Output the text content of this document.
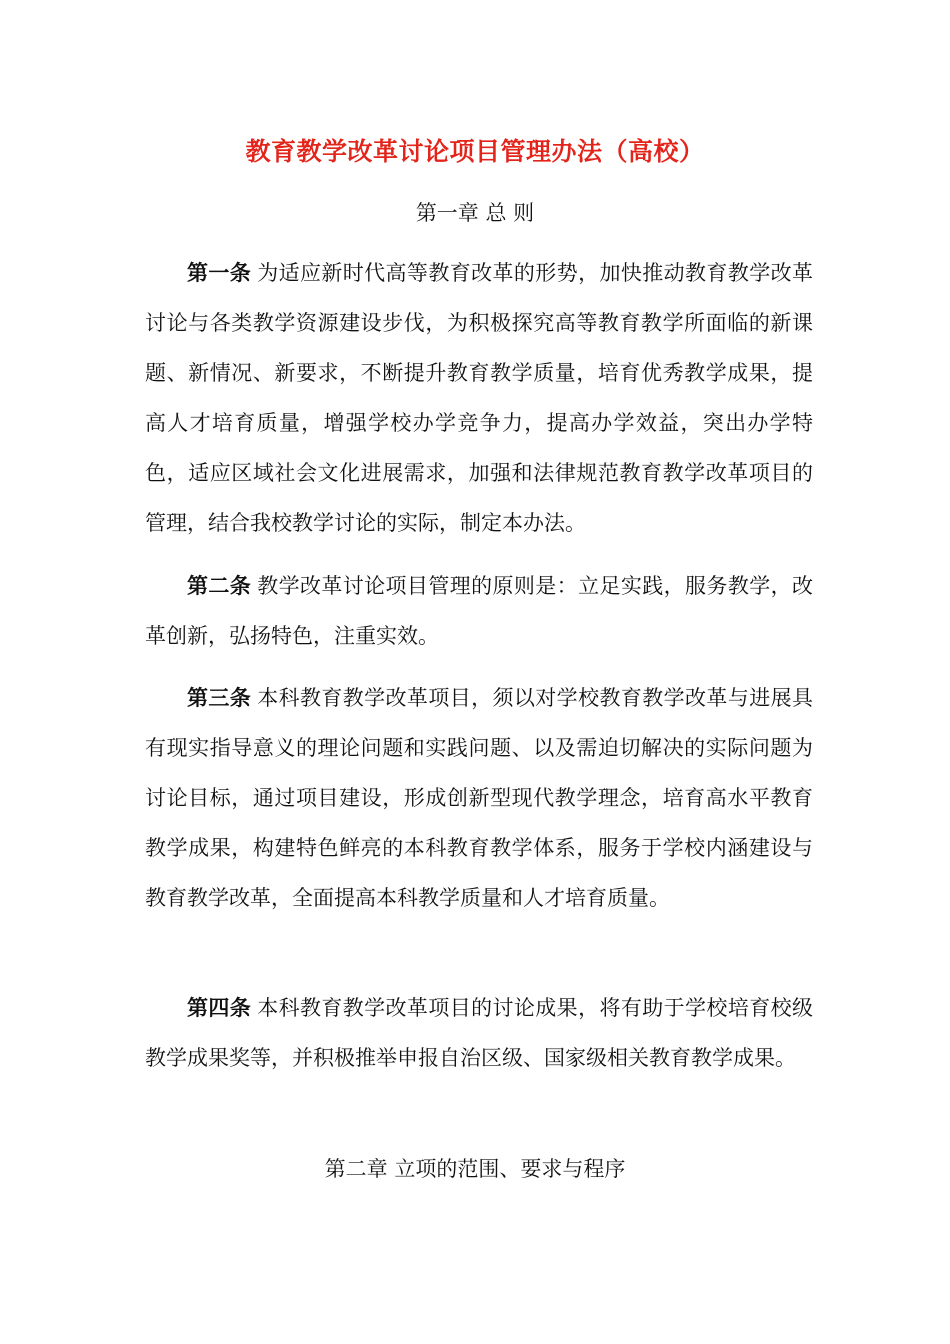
教育教学改革讨论项目管理办法（高校）
第一章 总 则

第一条 为适应新时代高等教育改革的形势，加快推动教育教学改革讨论与各类教学资源建设步伐，为积极探究高等教育教学所面临的新课题、新情况、新要求，不断提升教育教学质量，培育优秀教学成果，提高人才培育质量，增强学校办学竞争力，提高办学效益，突出办学特色，适应区域社会文化进展需求，加强和法律规范教育教学改革项目的管理，结合我校教学讨论的实际，制定本办法。

第二条 教学改革讨论项目管理的原则是：立足实践，服务教学，改革创新，弘扬特色，注重实效。

第三条 本科教育教学改革项目，须以对学校教育教学改革与进展具有现实指导意义的理论问题和实践问题、以及需迫切解决的实际问题为讨论目标，通过项目建设，形成创新型现代教学理念，培育高水平教育教学成果，构建特色鲜亮的本科教育教学体系，服务于学校内涵建设与教育教学改革，全面提高本科教学质量和人才培育质量。

第四条 本科教育教学改革项目的讨论成果，将有助于学校培育校级教学成果奖等，并积极推举申报自治区级、国家级相关教育教学成果。

第二章 立项的范围、要求与程序
